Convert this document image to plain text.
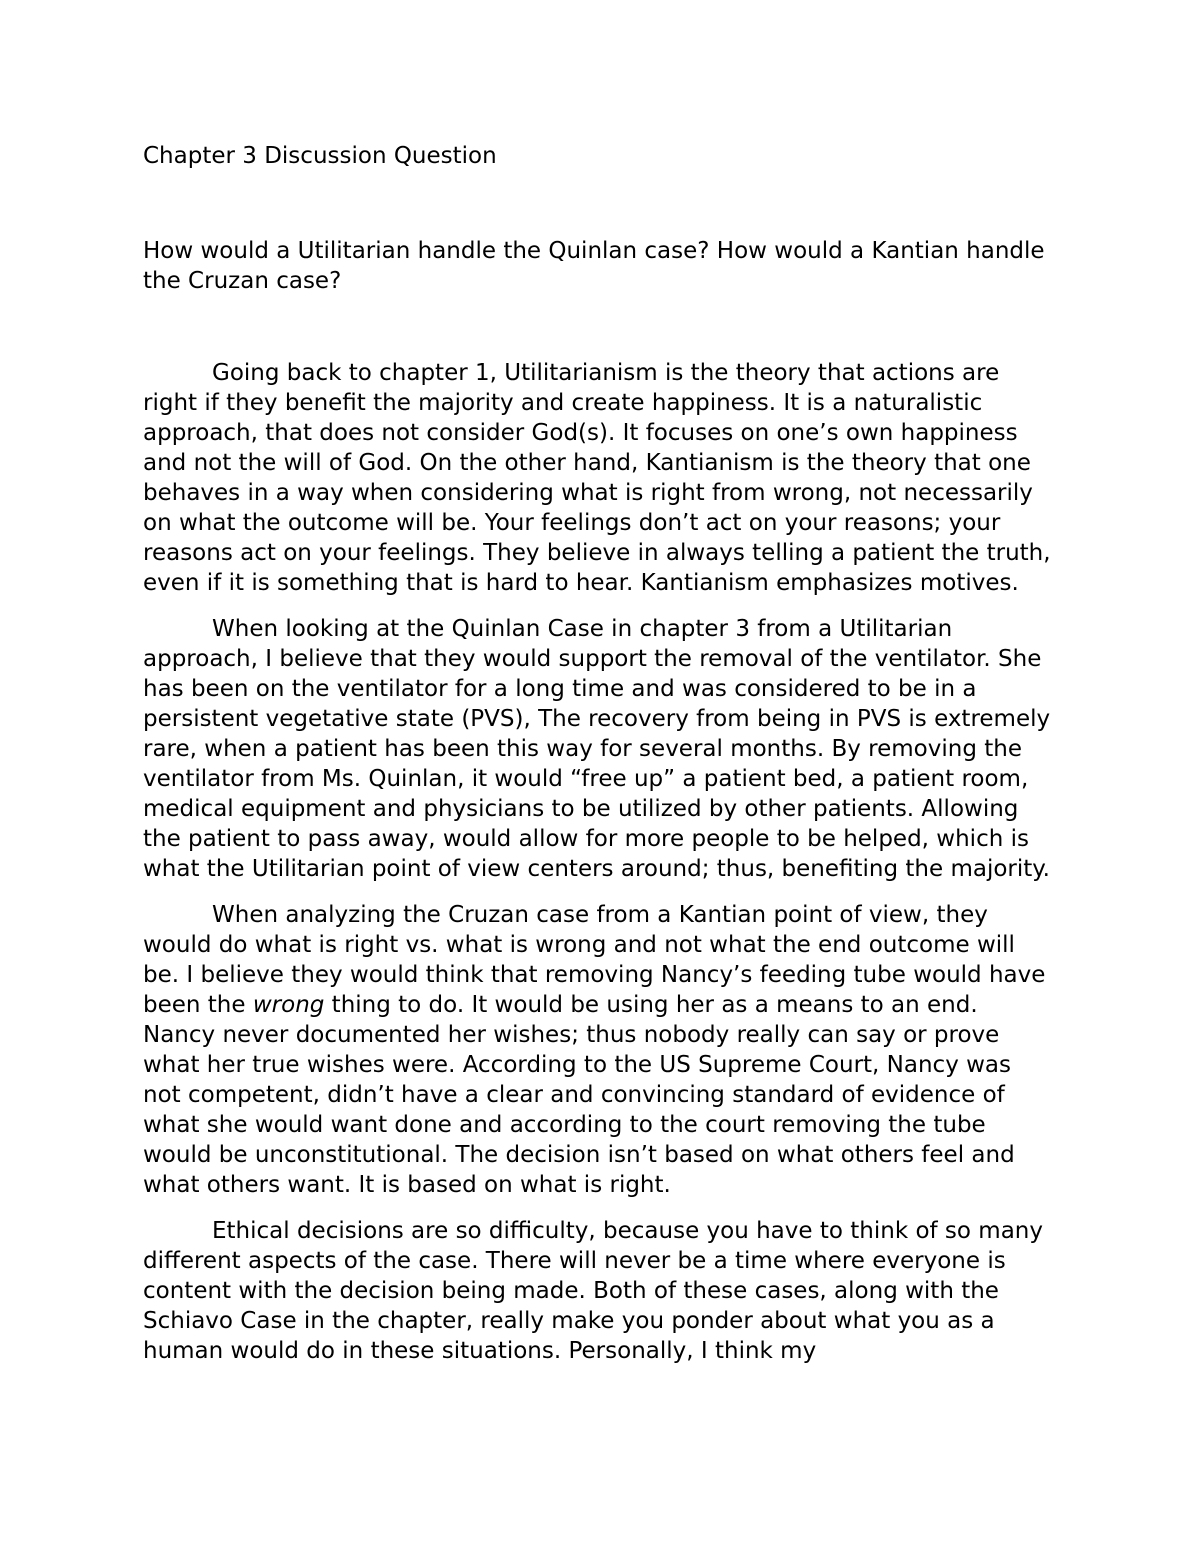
Chapter 3 Discussion Question

How would a Utilitarian handle the Quinlan case? How would a Kantian handle the Cruzan case?

Going back to chapter 1, Utilitarianism is the theory that actions are right if they benefit the majority and create happiness. It is a naturalistic approach, that does not consider God(s). It focuses on one’s own happiness and not the will of God. On the other hand, Kantianism is the theory that one behaves in a way when considering what is right from wrong, not necessarily on what the outcome will be. Your feelings don’t act on your reasons; your reasons act on your feelings. They believe in always telling a patient the truth, even if it is something that is hard to hear. Kantianism emphasizes motives.

When looking at the Quinlan Case in chapter 3 from a Utilitarian approach, I believe that they would support the removal of the ventilator. She has been on the ventilator for a long time and was considered to be in a persistent vegetative state (PVS), The recovery from being in PVS is extremely rare, when a patient has been this way for several months. By removing the ventilator from Ms. Quinlan, it would “free up” a patient bed, a patient room, medical equipment and physicians to be utilized by other patients. Allowing the patient to pass away, would allow for more people to be helped, which is what the Utilitarian point of view centers around; thus, benefiting the majority.

When analyzing the Cruzan case from a Kantian point of view, they would do what is right vs. what is wrong and not what the end outcome will be. I believe they would think that removing Nancy’s feeding tube would have been the wrong thing to do. It would be using her as a means to an end. Nancy never documented her wishes; thus nobody really can say or prove what her true wishes were. According to the US Supreme Court, Nancy was not competent, didn’t have a clear and convincing standard of evidence of what she would want done and according to the court removing the tube would be unconstitutional. The decision isn’t based on what others feel and what others want. It is based on what is right.

Ethical decisions are so difficulty, because you have to think of so many different aspects of the case. There will never be a time where everyone is content with the decision being made. Both of these cases, along with the Schiavo Case in the chapter, really make you ponder about what you as a human would do in these situations. Personally, I think my
